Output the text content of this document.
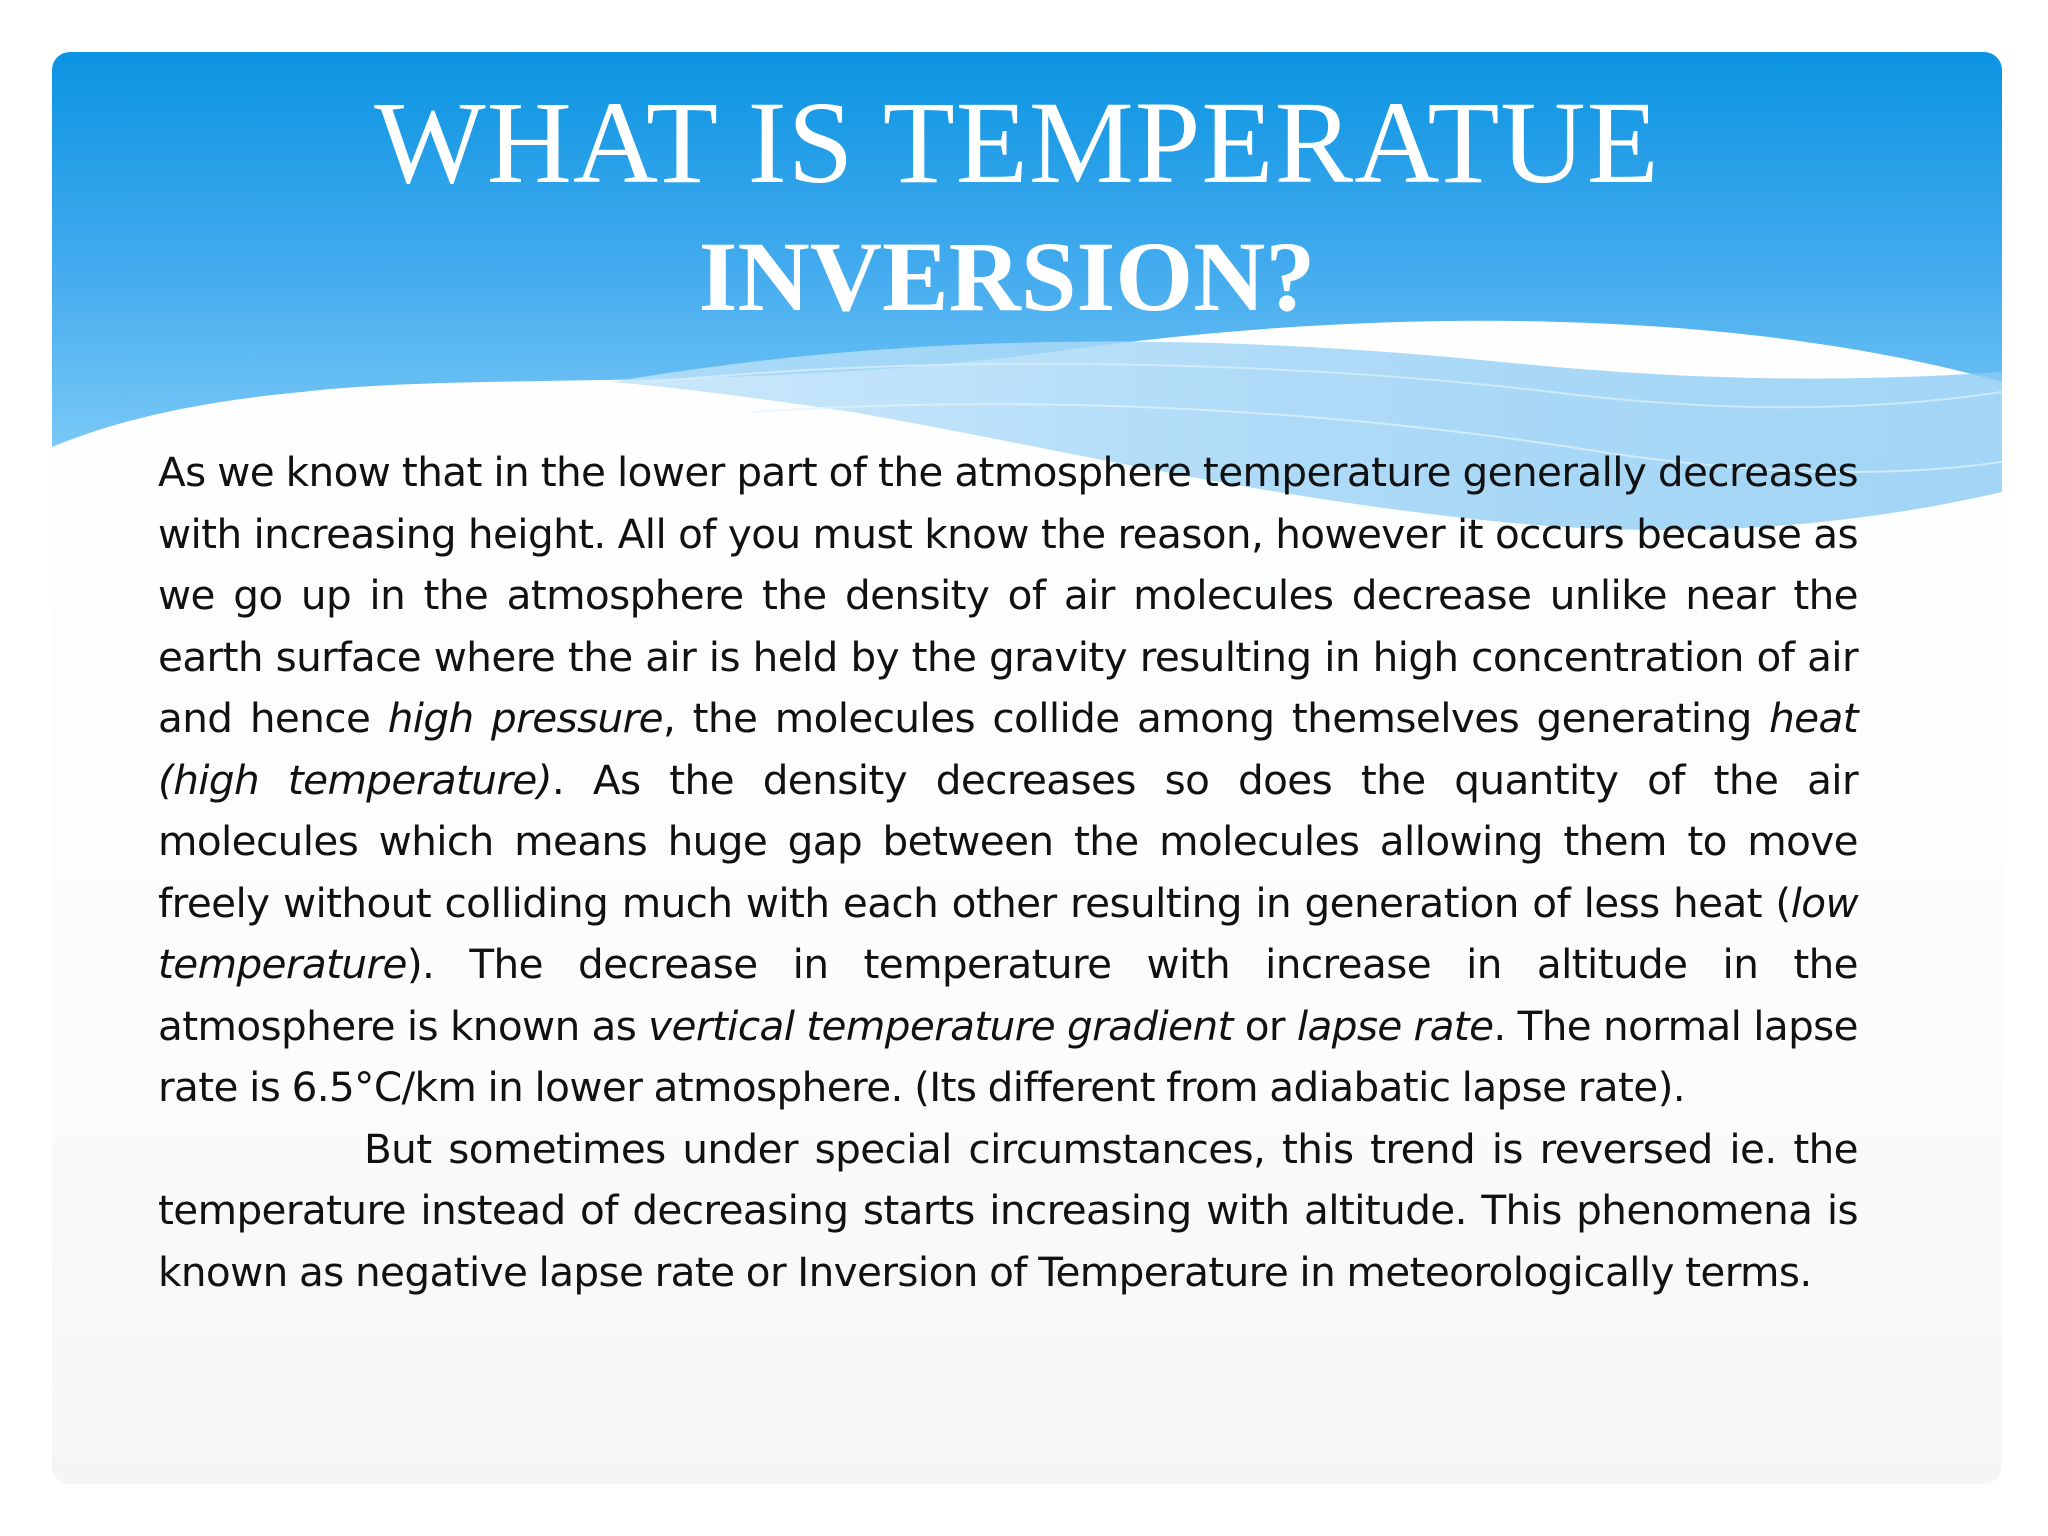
WHAT IS TEMPERATUE
INVERSION?

As we know that in the lower part of the atmosphere temperature generally decreases with increasing height. All of you must know the reason, however it occurs because as we go up in the atmosphere the density of air molecules decrease unlike near the earth surface where the air is held by the gravity resulting in high concentration of air and hence high pressure, the molecules collide among themselves generating heat (high temperature). As the density decreases so does the quantity of the air molecules which means huge gap between the molecules allowing them to move freely without colliding much with each other resulting in generation of less heat (low temperature). The decrease in temperature with increase in altitude in the atmosphere is known as vertical temperature gradient or lapse rate. The normal lapse rate is 6.5°C/km in lower atmosphere. (Its different from adiabatic lapse rate).

But sometimes under special circumstances, this trend is reversed ie. the temperature instead of decreasing starts increasing with altitude. This phenomena is known as negative lapse rate or Inversion of Temperature in meteorologically terms.
